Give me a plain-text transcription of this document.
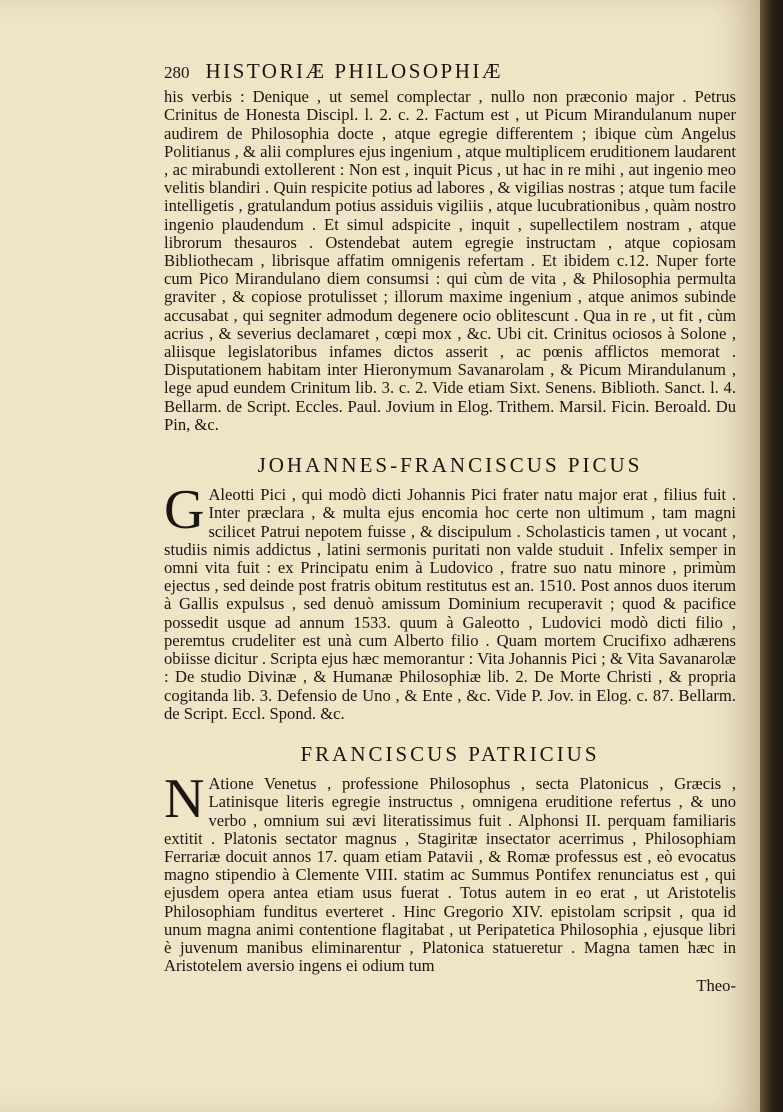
280 HISTORIÆ PHILOSOPHIÆ

his verbis : Denique , ut semel complectar , nullo non præconio major . Petrus Crinitus de Honesta Discipl. l. 2. c. 2. Factum est , ut Picum Mirandulanum nuper audirem de Philosophia docte , atque egregie differentem ; ibique cùm Angelus Politianus , & alii complures ejus ingenium , atque multiplicem eruditionem laudarent , ac mirabundi extollerent : Non est , inquit Picus , ut hac in re mihi , aut ingenio meo velitis blandiri . Quin respicite potius ad labores , & vigilias nostras ; atque tum facile intelligetis , gratulandum potius assiduis vigiliis , atque lucubrationibus , quàm nostro ingenio plaudendum . Et simul adspicite , inquit , supellectilem nostram , atque librorum thesauros . Ostendebat autem egregie instructam , atque copiosam Bibliothecam , librisque affatim omnigenis refertam . Et ibidem c.12. Nuper forte cum Pico Mirandulano diem consumsi : qui cùm de vita , & Philosophia permulta graviter , & copiose protulisset ; illorum maxime ingenium , atque animos subinde accusabat , qui segniter admodum degenere ocio oblitescunt . Qua in re , ut fit , cùm acrius , & severius declamaret , cœpi mox , &c. Ubi cit. Crinitus ociosos à Solone , aliisque legislatoribus infames dictos asserit , ac pœnis afflictos memorat . Disputationem habitam inter Hieronymum Savanarolam , & Picum Mirandulanum , lege apud eundem Crinitum lib. 3. c. 2. Vide etiam Sixt. Senens. Biblioth. Sanct. l. 4. Bellarm. de Script. Eccles. Paul. Jovium in Elog. Trithem. Marsil. Ficin. Beroald. Du Pin, &c.

JOHANNES-FRANCISCUS PICUS

G Aleotti Pici , qui modò dicti Johannis Pici frater natu major erat , filius fuit . Inter præclara , & multa ejus encomia hoc certe non ultimum , tam magni scilicet Patrui nepotem fuisse , & discipulum . Scholasticis tamen , ut vocant , studiis nimis addictus , latini sermonis puritati non valde studuit . Infelix semper in omni vita fuit : ex Principatu enim à Ludovico , fratre suo natu minore , primùm ejectus , sed deinde post fratris obitum restitutus est an. 1510. Post annos duos iterum à Gallis expulsus , sed denuò amissum Dominium recuperavit ; quod & pacifice possedit usque ad annum 1533. quum à Galeotto , Ludovici modò dicti filio , peremtus crudeliter est unà cum Alberto filio . Quam mortem Crucifixo adhærens obiisse dicitur . Scripta ejus hæc memorantur : Vita Johannis Pici ; & Vita Savanarolæ : De studio Divinæ , & Humanæ Philosophiæ lib. 2. De Morte Christi , & propria cogitanda lib. 3. Defensio de Uno , & Ente , &c. Vide P. Jov. in Elog. c. 87. Bellarm. de Script. Eccl. Spond. &c.

FRANCISCUS PATRICIUS

N Atione Venetus , professione Philosophus , secta Platonicus , Græcis , Latinisque literis egregie instructus , omnigena eruditione refertus , & uno verbo , omnium sui ævi literatissimus fuit . Alphonsi II. perquam familiaris extitit . Platonis sectator magnus , Stagiritæ insectator acerrimus , Philosophiam Ferrariæ docuit annos 17. quam etiam Patavii , & Romæ professus est , eò evocatus magno stipendio à Clemente VIII. statim ac Summus Pontifex renunciatus est , qui ejusdem opera antea etiam usus fuerat . Totus autem in eo erat , ut Aristotelis Philosophiam funditus everteret . Hinc Gregorio XIV. epistolam scripsit , qua id unum magna animi contentione flagitabat , ut Peripatetica Philosophia , ejusque libri è juvenum manibus eliminarentur , Platonica statueretur . Magna tamen hæc in Aristotelem aversio ingens ei odium tum

Theo-
